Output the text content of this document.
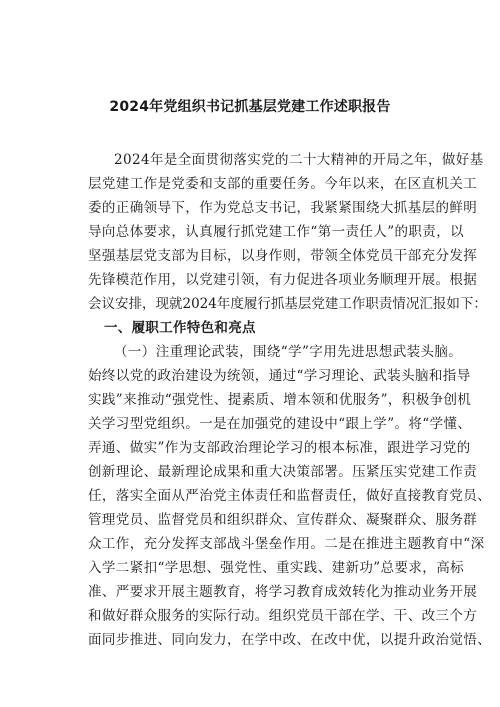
2024年党组织书记抓基层党建工作述职报告
2024年是全面贯彻落实党的二十大精神的开局之年，做好基
层党建工作是党委和支部的重要任务。今年以来，在区直机关工
委的正确领导下，作为党总支书记，我紧紧围绕大抓基层的鲜明
导向总体要求，认真履行抓党建工作“第一责任人”的职责，以
坚强基层党支部为目标，以身作则，带领全体党员干部充分发挥
先锋模范作用，以党建引领，有力促进各项业务顺理开展。根据
会议安排，现就2024年度履行抓基层党建工作职责情况汇报如下：
一、履职工作特色和亮点
（一）注重理论武装，围绕“学”字用先进思想武装头脑。
始终以党的政治建设为统领，通过“学习理论、武装头脑和指导
实践”来推动“强党性、提素质、增本领和优服务”，积极争创机
关学习型党组织。一是在加强党的建设中“跟上学”。将“学懂、
弄通、做实”作为支部政治理论学习的根本标准，跟进学习党的
创新理论、最新理论成果和重大决策部署。压紧压实党建工作责
任，落实全面从严治党主体责任和监督责任，做好直接教育党员、
管理党员、监督党员和组织群众、宣传群众、凝聚群众、服务群
众工作，充分发挥支部战斗堡垒作用。二是在推进主题教育中“深
入学二紧扣“学思想、强党性、重实践、建新功”总要求，高标
准、严要求开展主题教育，将学习教育成效转化为推动业务开展
和做好群众服务的实际行动。组织党员干部在学、干、改三个方
面同步推进、同向发力，在学中改、在改中优，以提升政治觉悟、
